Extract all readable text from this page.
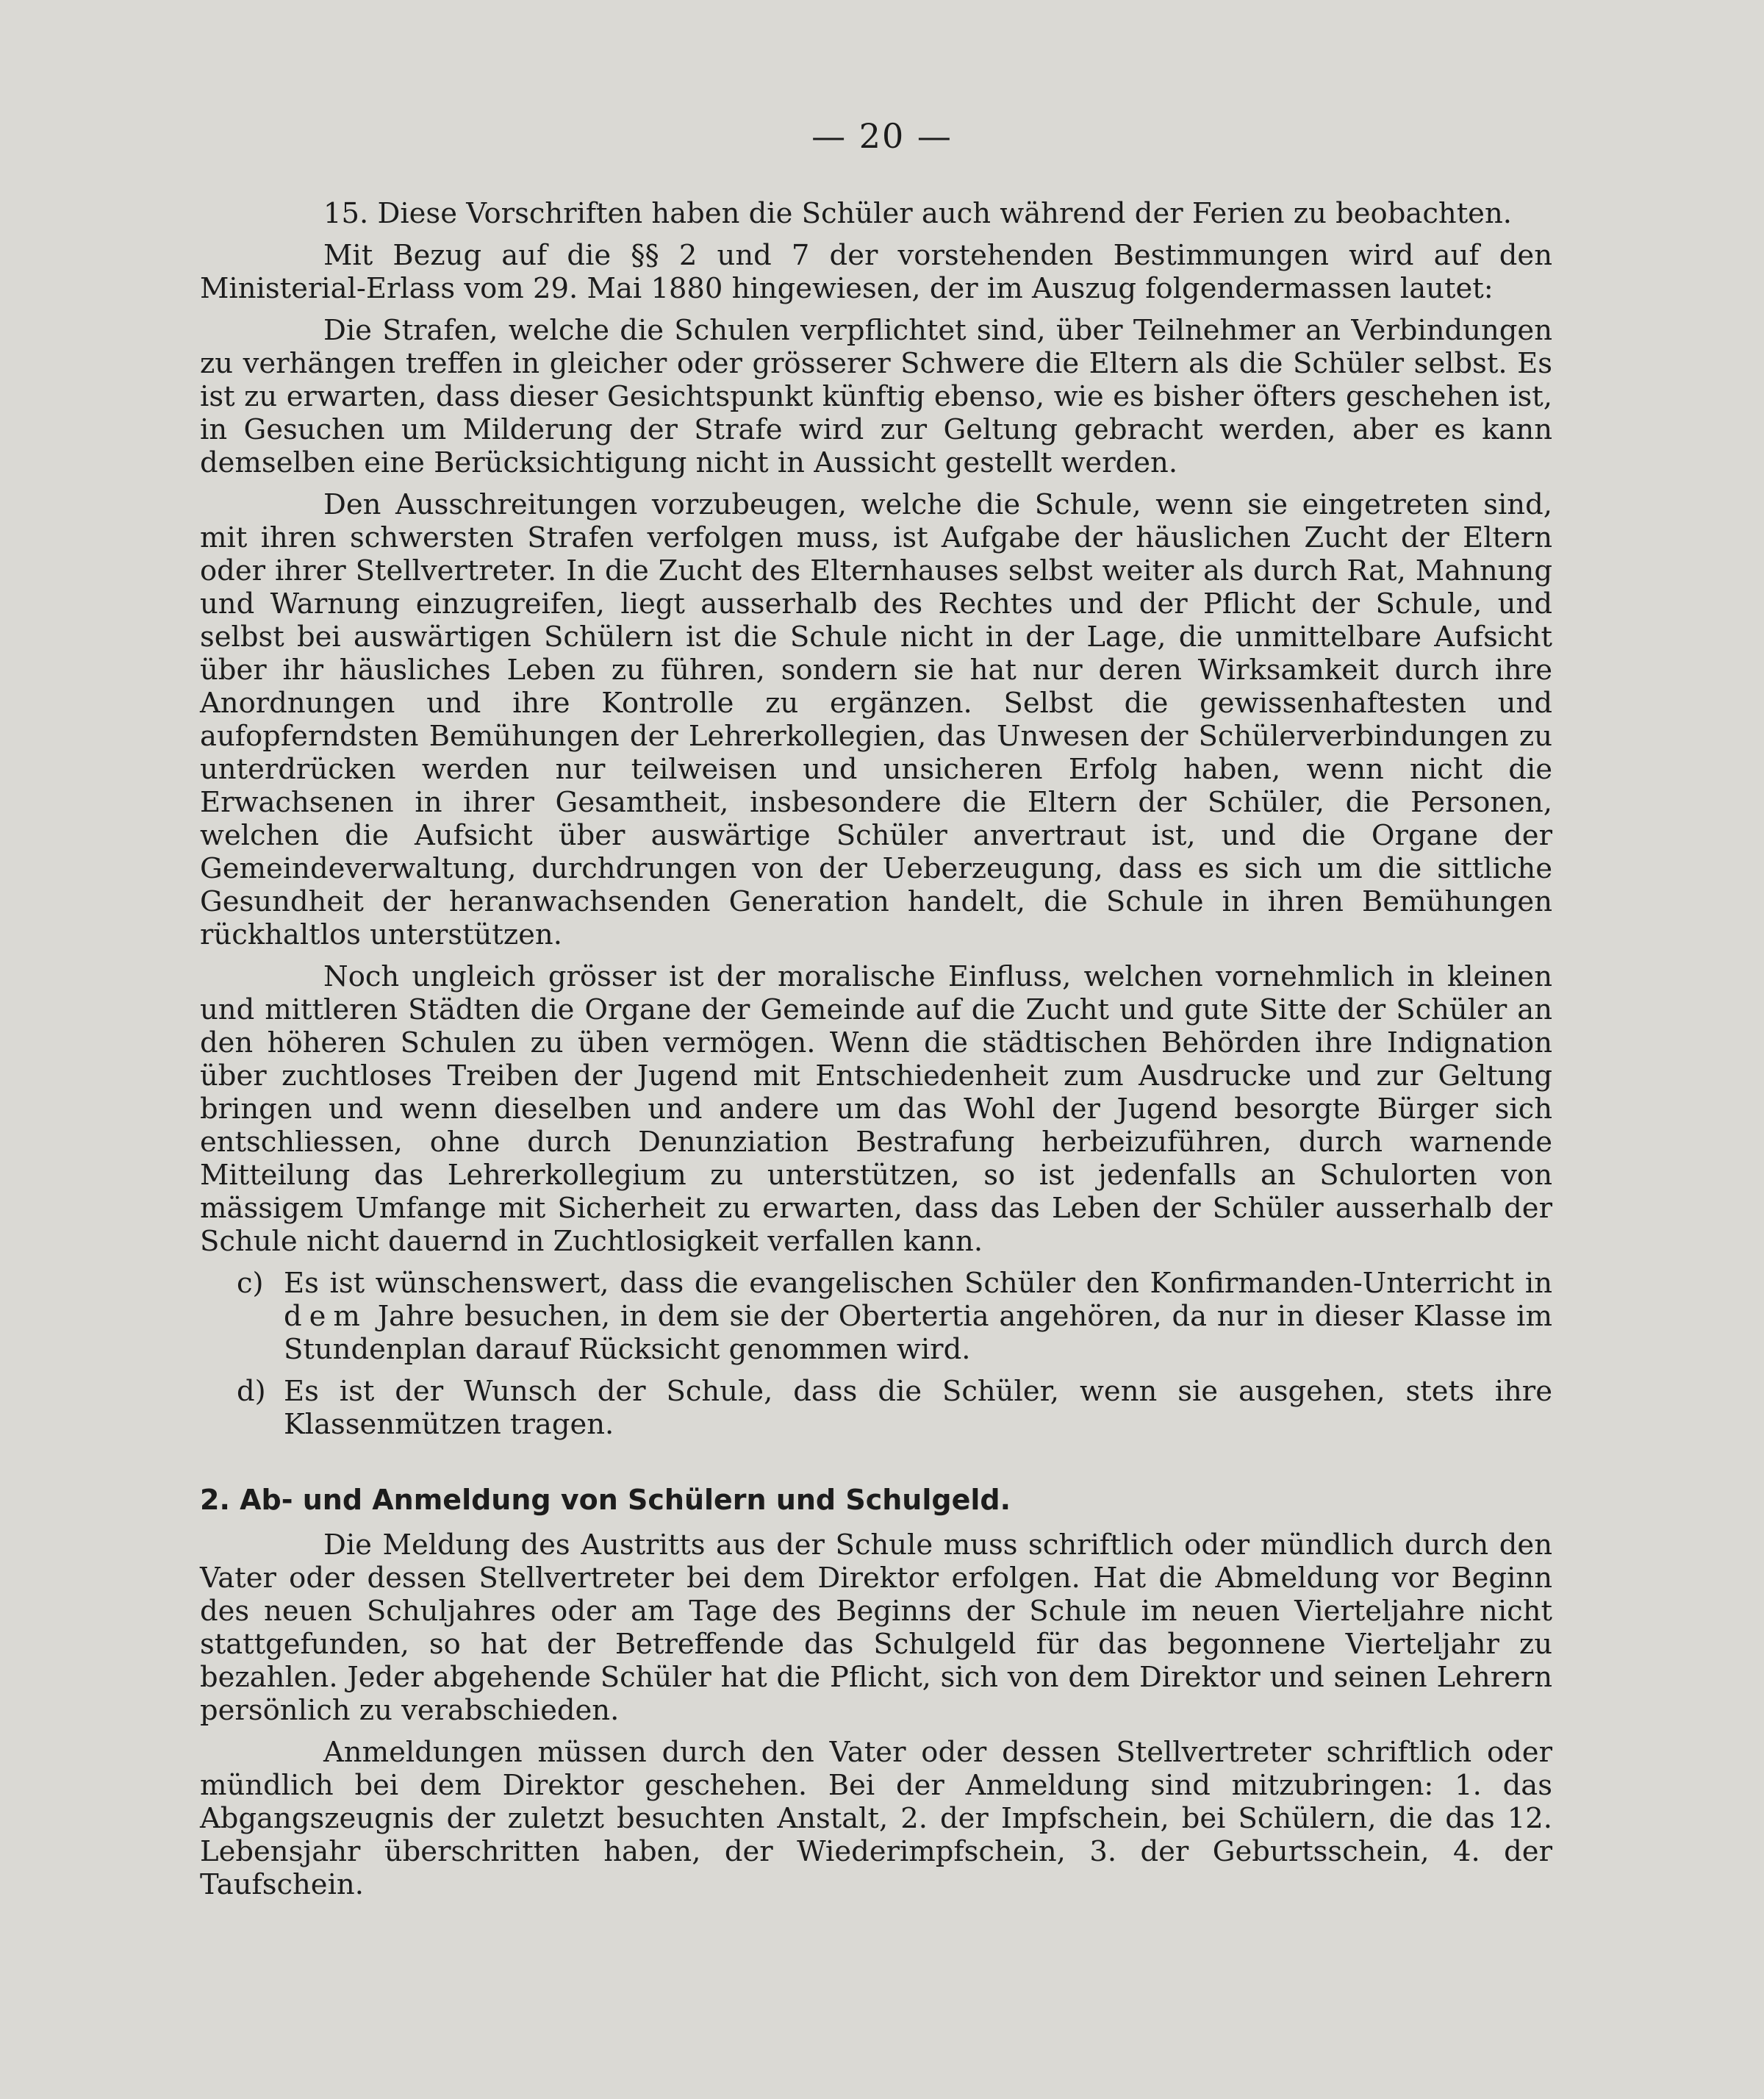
— 20 —

15. Diese Vorschriften haben die Schüler auch während der Ferien zu beobachten.

Mit Bezug auf die §§ 2 und 7 der vorstehenden Bestimmungen wird auf den Ministerial-Erlass vom 29. Mai 1880 hingewiesen, der im Auszug folgendermassen lautet:

Die Strafen, welche die Schulen verpflichtet sind, über Teilnehmer an Verbindungen zu verhängen treffen in gleicher oder grösserer Schwere die Eltern als die Schüler selbst. Es ist zu erwarten, dass dieser Gesichtspunkt künftig ebenso, wie es bisher öfters geschehen ist, in Gesuchen um Milderung der Strafe wird zur Geltung gebracht werden, aber es kann demselben eine Berücksichtigung nicht in Aussicht gestellt werden.

Den Ausschreitungen vorzubeugen, welche die Schule, wenn sie eingetreten sind, mit ihren schwersten Strafen verfolgen muss, ist Aufgabe der häuslichen Zucht der Eltern oder ihrer Stellvertreter. In die Zucht des Elternhauses selbst weiter als durch Rat, Mahnung und Warnung einzugreifen, liegt ausserhalb des Rechtes und der Pflicht der Schule, und selbst bei auswärtigen Schülern ist die Schule nicht in der Lage, die unmittelbare Aufsicht über ihr häusliches Leben zu führen, sondern sie hat nur deren Wirksamkeit durch ihre Anordnungen und ihre Kontrolle zu ergänzen. Selbst die gewissenhaftesten und aufopferndsten Bemühungen der Lehrerkollegien, das Unwesen der Schülerverbindungen zu unterdrücken werden nur teilweisen und unsicheren Erfolg haben, wenn nicht die Erwachsenen in ihrer Gesamtheit, insbesondere die Eltern der Schüler, die Personen, welchen die Aufsicht über auswärtige Schüler anvertraut ist, und die Organe der Gemeindeverwaltung, durchdrungen von der Ueberzeugung, dass es sich um die sittliche Gesundheit der heranwachsenden Generation handelt, die Schule in ihren Bemühungen rückhaltlos unterstützen.

Noch ungleich grösser ist der moralische Einfluss, welchen vornehmlich in kleinen und mittleren Städten die Organe der Gemeinde auf die Zucht und gute Sitte der Schüler an den höheren Schulen zu üben vermögen. Wenn die städtischen Behörden ihre Indignation über zuchtloses Treiben der Jugend mit Entschiedenheit zum Ausdrucke und zur Geltung bringen und wenn dieselben und andere um das Wohl der Jugend besorgte Bürger sich entschliessen, ohne durch Denunziation Bestrafung herbeizuführen, durch warnende Mitteilung das Lehrerkollegium zu unterstützen, so ist jedenfalls an Schulorten von mässigem Umfange mit Sicherheit zu erwarten, dass das Leben der Schüler ausserhalb der Schule nicht dauernd in Zuchtlosigkeit verfallen kann.

c) Es ist wünschenswert, dass die evangelischen Schüler den Konfirmanden-Unterricht in dem Jahre besuchen, in dem sie der Obertertia angehören, da nur in dieser Klasse im Stundenplan darauf Rücksicht genommen wird.
d) Es ist der Wunsch der Schule, dass die Schüler, wenn sie ausgehen, stets ihre Klassenmützen tragen.
2. Ab- und Anmeldung von Schülern und Schulgeld.

Die Meldung des Austritts aus der Schule muss schriftlich oder mündlich durch den Vater oder dessen Stellvertreter bei dem Direktor erfolgen. Hat die Abmeldung vor Beginn des neuen Schuljahres oder am Tage des Beginns der Schule im neuen Vierteljahre nicht stattgefunden, so hat der Betreffende das Schulgeld für das begonnene Vierteljahr zu bezahlen. Jeder abgehende Schüler hat die Pflicht, sich von dem Direktor und seinen Lehrern persönlich zu verabschieden.

Anmeldungen müssen durch den Vater oder dessen Stellvertreter schriftlich oder mündlich bei dem Direktor geschehen. Bei der Anmeldung sind mitzubringen: 1. das Abgangszeugnis der zuletzt besuchten Anstalt, 2. der Impfschein, bei Schülern, die das 12. Lebensjahr überschritten haben, der Wiederimpfschein, 3. der Geburtsschein, 4. der Taufschein.
